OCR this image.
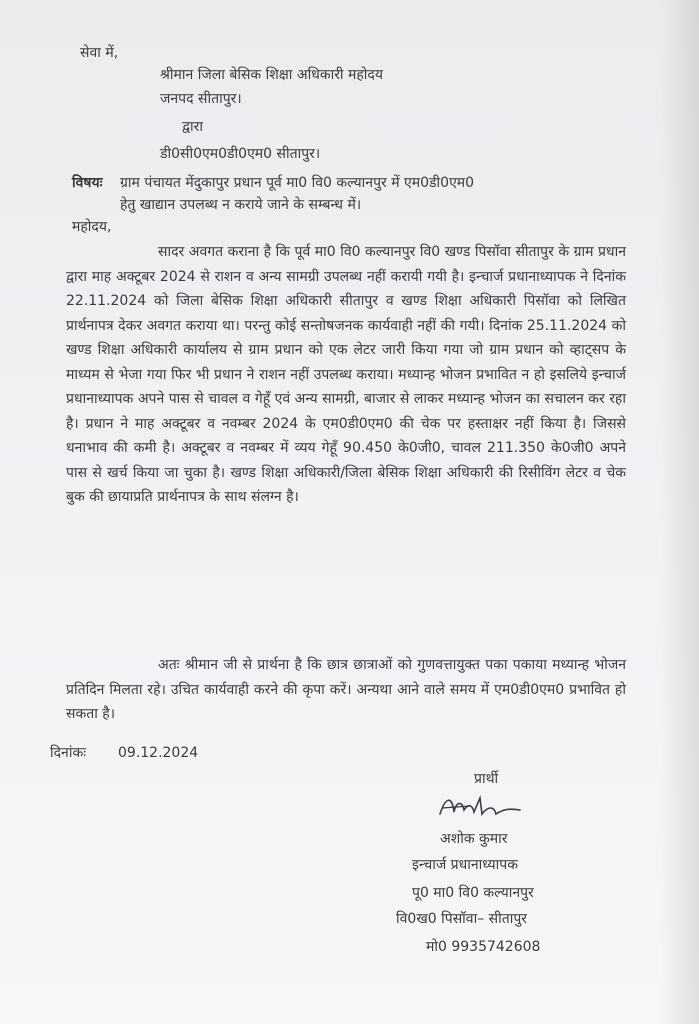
सेवा में,
श्रीमान जिला बेसिक शिक्षा अधिकारी महोदय
जनपद सीतापुर।
द्वारा
डी0सी0एम0डी0एम0 सीतापुर।
विषयः ग्राम पंचायत मेंदुकापुर प्रधान पूर्व मा0 वि0 कल्यानपुर में एम0डी0एम0
हेतु खाद्यान उपलब्ध न कराये जाने के सम्बन्ध में।
महोदय,

सादर अवगत कराना है कि पूर्व मा0 वि0 कल्यानपुर वि0 खण्ड पिसॉवा सीतापुर के ग्राम प्रधान द्वारा माह अक्टूबर 2024 से राशन व अन्य सामग्री उपलब्ध नहीं करायी गयी है। इन्चार्ज प्रधानाध्यापक ने दिनांक 22.11.2024 को जिला बेसिक शिक्षा अधिकारी सीतापुर व खण्ड शिक्षा अधिकारी पिसॉवा को लिखित प्रार्थनापत्र देकर अवगत कराया था। परन्तु कोई सन्तोषजनक कार्यवाही नहीं की गयी। दिनांक 25.11.2024 को खण्ड शिक्षा अधिकारी कार्यालय से ग्राम प्रधान को एक लेटर जारी किया गया जो ग्राम प्रधान को व्हाट्सप के माध्यम से भेजा गया फिर भी प्रधान ने राशन नहीं उपलब्ध कराया। मध्यान्ह भोजन प्रभावित न हो इसलिये इन्चार्ज प्रधानाध्यापक अपने पास से चावल व गेहूँ एवं अन्य सामग्री, बाजार से लाकर मध्यान्ह भोजन का सचालन कर रहा है। प्रधान ने माह अक्टूबर व नवम्बर 2024 के एम0डी0एम0 की चेक पर हस्ताक्षर नहीं किया है। जिससे धनाभाव की कमी है। अक्टूबर व नवम्बर में व्यय गेहूँ 90.450 के0जी0, चावल 211.350 के0जी0 अपने पास से खर्च किया जा चुका है। खण्ड शिक्षा अधिकारी/जिला बेसिक शिक्षा अधिकारी की रिसीविंग लेटर व चेक बुक की छायाप्रति प्रार्थनापत्र के साथ संलग्न है।

अतः श्रीमान जी से प्रार्थना है कि छात्र छात्राओं को गुणवत्तायुक्त पका पकाया मध्यान्ह भोजन प्रतिदिन मिलता रहे। उचित कार्यवाही करने की कृपा करें। अन्यथा आने वाले समय में एम0डी0एम0 प्रभावित हो सकता है।

दिनांकः 09.12.2024
प्रार्थी
अशोक कुमार
इन्चार्ज प्रधानाध्यापक
पू0 मा0 वि0 कल्यानपुर
वि0ख0 पिसॉवा– सीतापुर
मो0 9935742608
